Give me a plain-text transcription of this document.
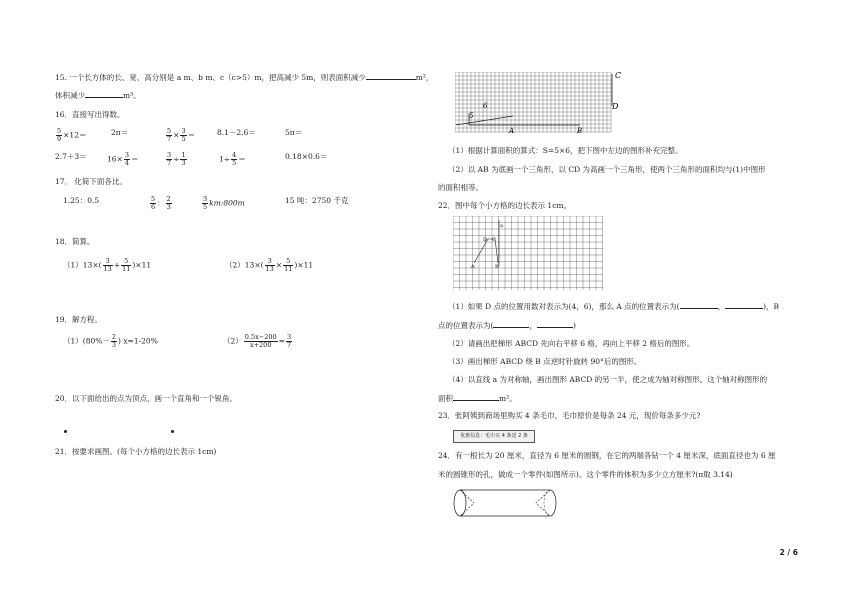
15. 一个长方体的长、宽、高分别是 a m、b m、c（c>5）m，把高减少 5m，则表面积减少	m²，
体积减少	m³。
16．直接写出得数。
$\frac{5}{9} \times 12=$	2π＝	$\frac{5}{7} \times \frac{3}{5}$ ＝	8.1－2.6＝	5π＝
2.7＋3＝	$16\times \frac{3}{4}$ ＝	$\frac{3}{7} \div \frac{1}{3}$	$1\div \frac{4}{5}$ ＝	0.18×0.6＝
17． 化简下面各比。
1.25：0.5	$\frac{5}{6}$ ： $\frac{2}{3}$	$\frac{3}{5}$ km:800m	15 吨：2750 千克
18．简算。
$(1)13\times( \frac{3}{13} + \frac{5}{11} )\times 11$	$(2)13\times( \frac{3}{13} \times \frac{5}{11} )\times 11$
19．解方程。
$(1)(80\%- \frac{2}{3}$ ) x=1-20%	$(2) \frac{0.5x-200}{x+200} = \frac{3}{7}$
20．以下面给出的点为顶点，画一个直角和一个锐角。
21．按要求画图。(每个小方格的边长表示 1cm)
（1）根据计算面积的算式：S=5×6，把下图中左边的图形补充完整。
（2）以 AB 为底画一个三角形，以 CD 为高画一个三角形，使两个三角形的面积均与(1)中图形
的面积相等。
22．图中每个小方格的边长表示 1cm。
（1）如果 D 点的位置用数对表示为(4，6)，那么 A 点的位置表示为(	，	)，B
点的位置表示为(	，	)
（2）请画出把梯形 ABCD 先向右平移 6 格，再向上平移 2 格后的图形。
（3）画出梯形 ABCD 绕 B 点逆时针旋转 90°后的图形。
（4）以直线 a 为对称轴，画出图形 ABCD 的另一半，使之成为轴对称图形。这个轴对称图形的
面积	m²。
23．张阿姨到商场里购买 4 条毛巾，毛巾原价是每条 24 元，现价每条多少元?
24．有一根长为 20 厘米，直径为 6 厘米的圆钢，在它的两端各钻一个 4 厘米深，底面直径也为 6 厘
米的圆锥形的孔，做成一个零件(如图所示)。这个零件的体积为多少立方厘米?(π取 3.14)
优惠信息：毛巾买 4 条送 2 条
C
D
6
5
A	B
a
D C
A	B
2 / 6
